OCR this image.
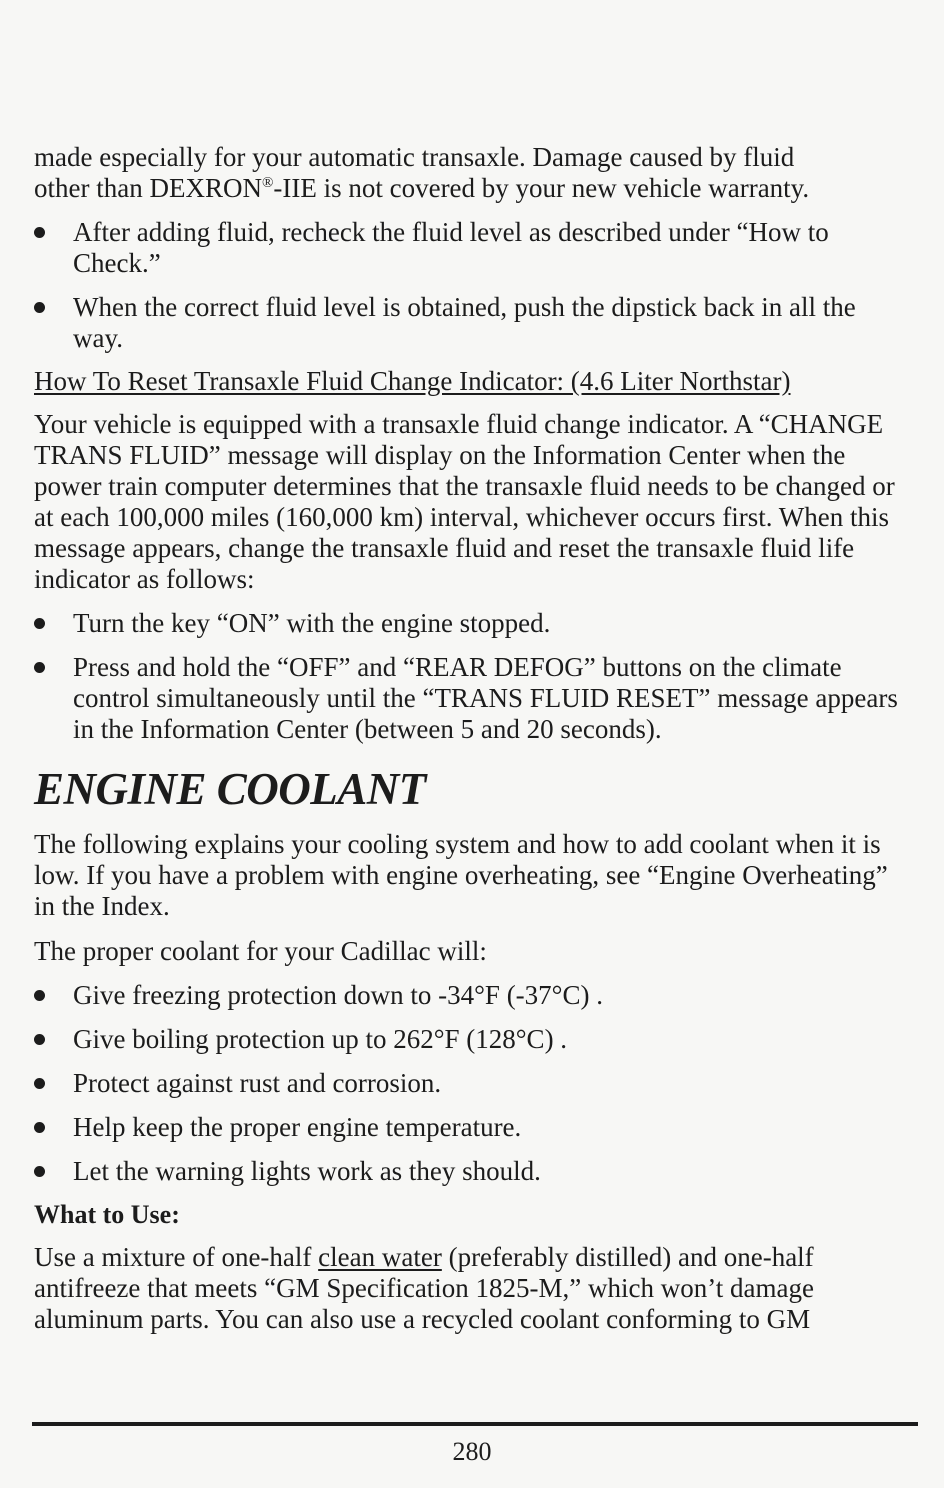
made especially for your automatic transaxle. Damage caused by fluid
other than DEXRON®-IIE is not covered by your new vehicle warranty.

After adding fluid, recheck the fluid level as described under “How to Check.”
When the correct fluid level is obtained, push the dipstick back in all the way.
How To Reset Transaxle Fluid Change Indicator: (4.6 Liter Northstar)

Your vehicle is equipped with a transaxle fluid change indicator. A “CHANGE TRANS FLUID” message will display on the Information Center when the power train computer determines that the transaxle fluid needs to be changed or at each 100,000 miles (160,000 km) interval, whichever occurs first. When this message appears, change the transaxle fluid and reset the transaxle fluid life indicator as follows:

Turn the key “ON” with the engine stopped.
Press and hold the “OFF” and “REAR DEFOG” buttons on the climate control simultaneously until the “TRANS FLUID RESET” message appears in the Information Center (between 5 and 20 seconds).
ENGINE COOLANT

The following explains your cooling system and how to add coolant when it is low. If you have a problem with engine overheating, see “Engine Overheating” in the Index.

The proper coolant for your Cadillac will:

Give freezing protection down to -34°F (-37°C) .
Give boiling protection up to 262°F (128°C) .
Protect against rust and corrosion.
Help keep the proper engine temperature.
Let the warning lights work as they should.
What to Use:

Use a mixture of one-half clean water (preferably distilled) and one-half antifreeze that meets “GM Specification 1825-M,” which won’t damage aluminum parts. You can also use a recycled coolant conforming to GM

280
